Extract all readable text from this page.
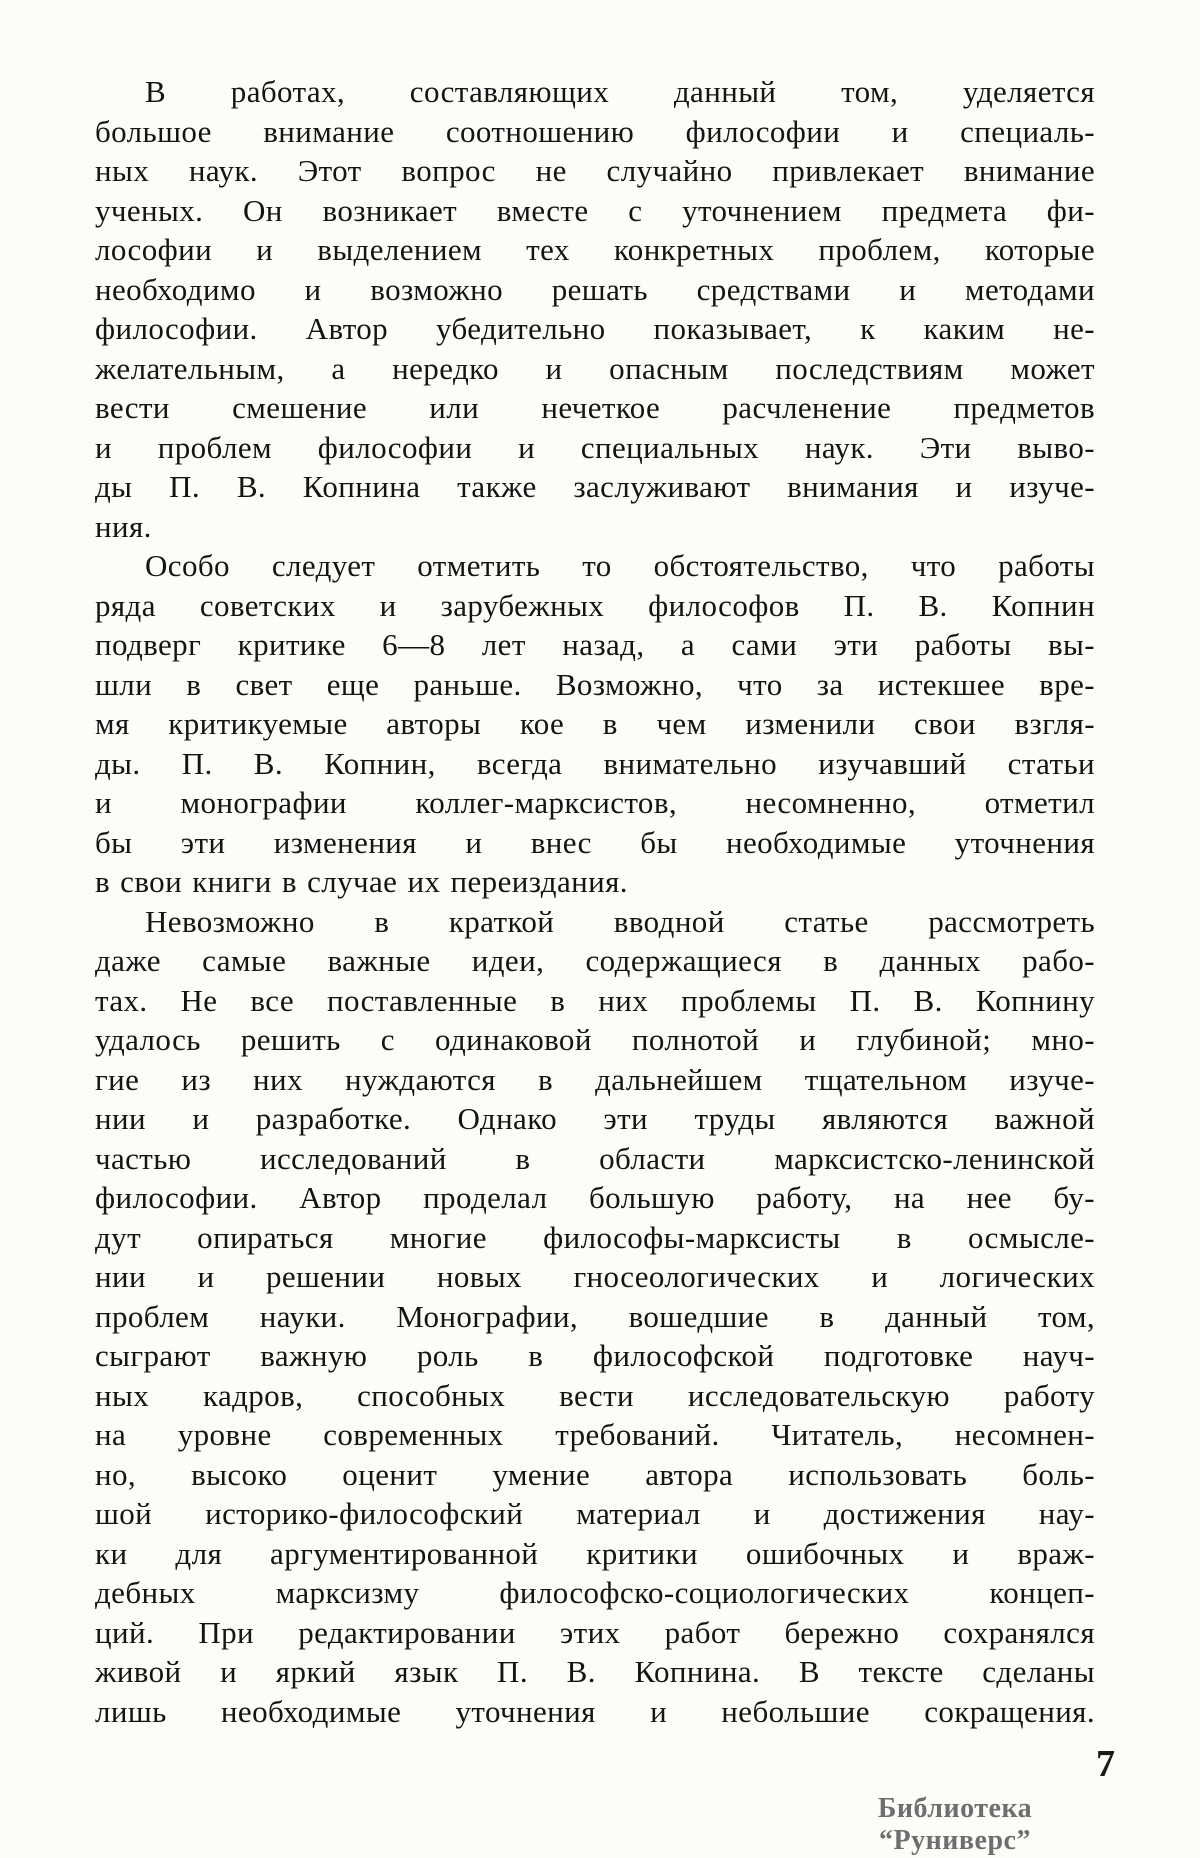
В работах, составляющих данный том, уделяется
большое внимание соотношению философии и специаль-
ных наук. Этот вопрос не случайно привлекает внимание
ученых. Он возникает вместе с уточнением предмета фи-
лософии и выделением тех конкретных проблем, которые
необходимо и возможно решать средствами и методами
философии. Автор убедительно показывает, к каким не-
желательным, а нередко и опасным последствиям может
вести смешение или нечеткое расчленение предметов
и проблем философии и специальных наук. Эти выво-
ды П. В. Копнина также заслуживают внимания и изуче-
ния.
Особо следует отметить то обстоятельство, что работы
ряда советских и зарубежных философов П. В. Копнин
подверг критике 6—8 лет назад, а сами эти работы вы-
шли в свет еще раньше. Возможно, что за истекшее вре-
мя критикуемые авторы кое в чем изменили свои взгля-
ды. П. В. Копнин, всегда внимательно изучавший статьи
и монографии коллег-марксистов, несомненно, отметил
бы эти изменения и внес бы необходимые уточнения
в свои книги в случае их переиздания.
Невозможно в краткой вводной статье рассмотреть
даже самые важные идеи, содержащиеся в данных рабо-
тах. Не все поставленные в них проблемы П. В. Копнину
удалось решить с одинаковой полнотой и глубиной; мно-
гие из них нуждаются в дальнейшем тщательном изуче-
нии и разработке. Однако эти труды являются важной
частью исследований в области марксистско-ленинской
философии. Автор проделал большую работу, на нее бу-
дут опираться многие философы-марксисты в осмысле-
нии и решении новых гносеологических и логических
проблем науки. Монографии, вошедшие в данный том,
сыграют важную роль в философской подготовке науч-
ных кадров, способных вести исследовательскую работу
на уровне современных требований. Читатель, несомнен-
но, высоко оценит умение автора использовать боль-
шой историко-философский материал и достижения нау-
ки для аргументированной критики ошибочных и враж-
дебных марксизму философско-социологических концеп-
ций. При редактировании этих работ бережно сохранялся
живой и яркий язык П. В. Копнина. В тексте сделаны
лишь необходимые уточнения и небольшие сокращения.
7
Библиотека “Руниверс”
